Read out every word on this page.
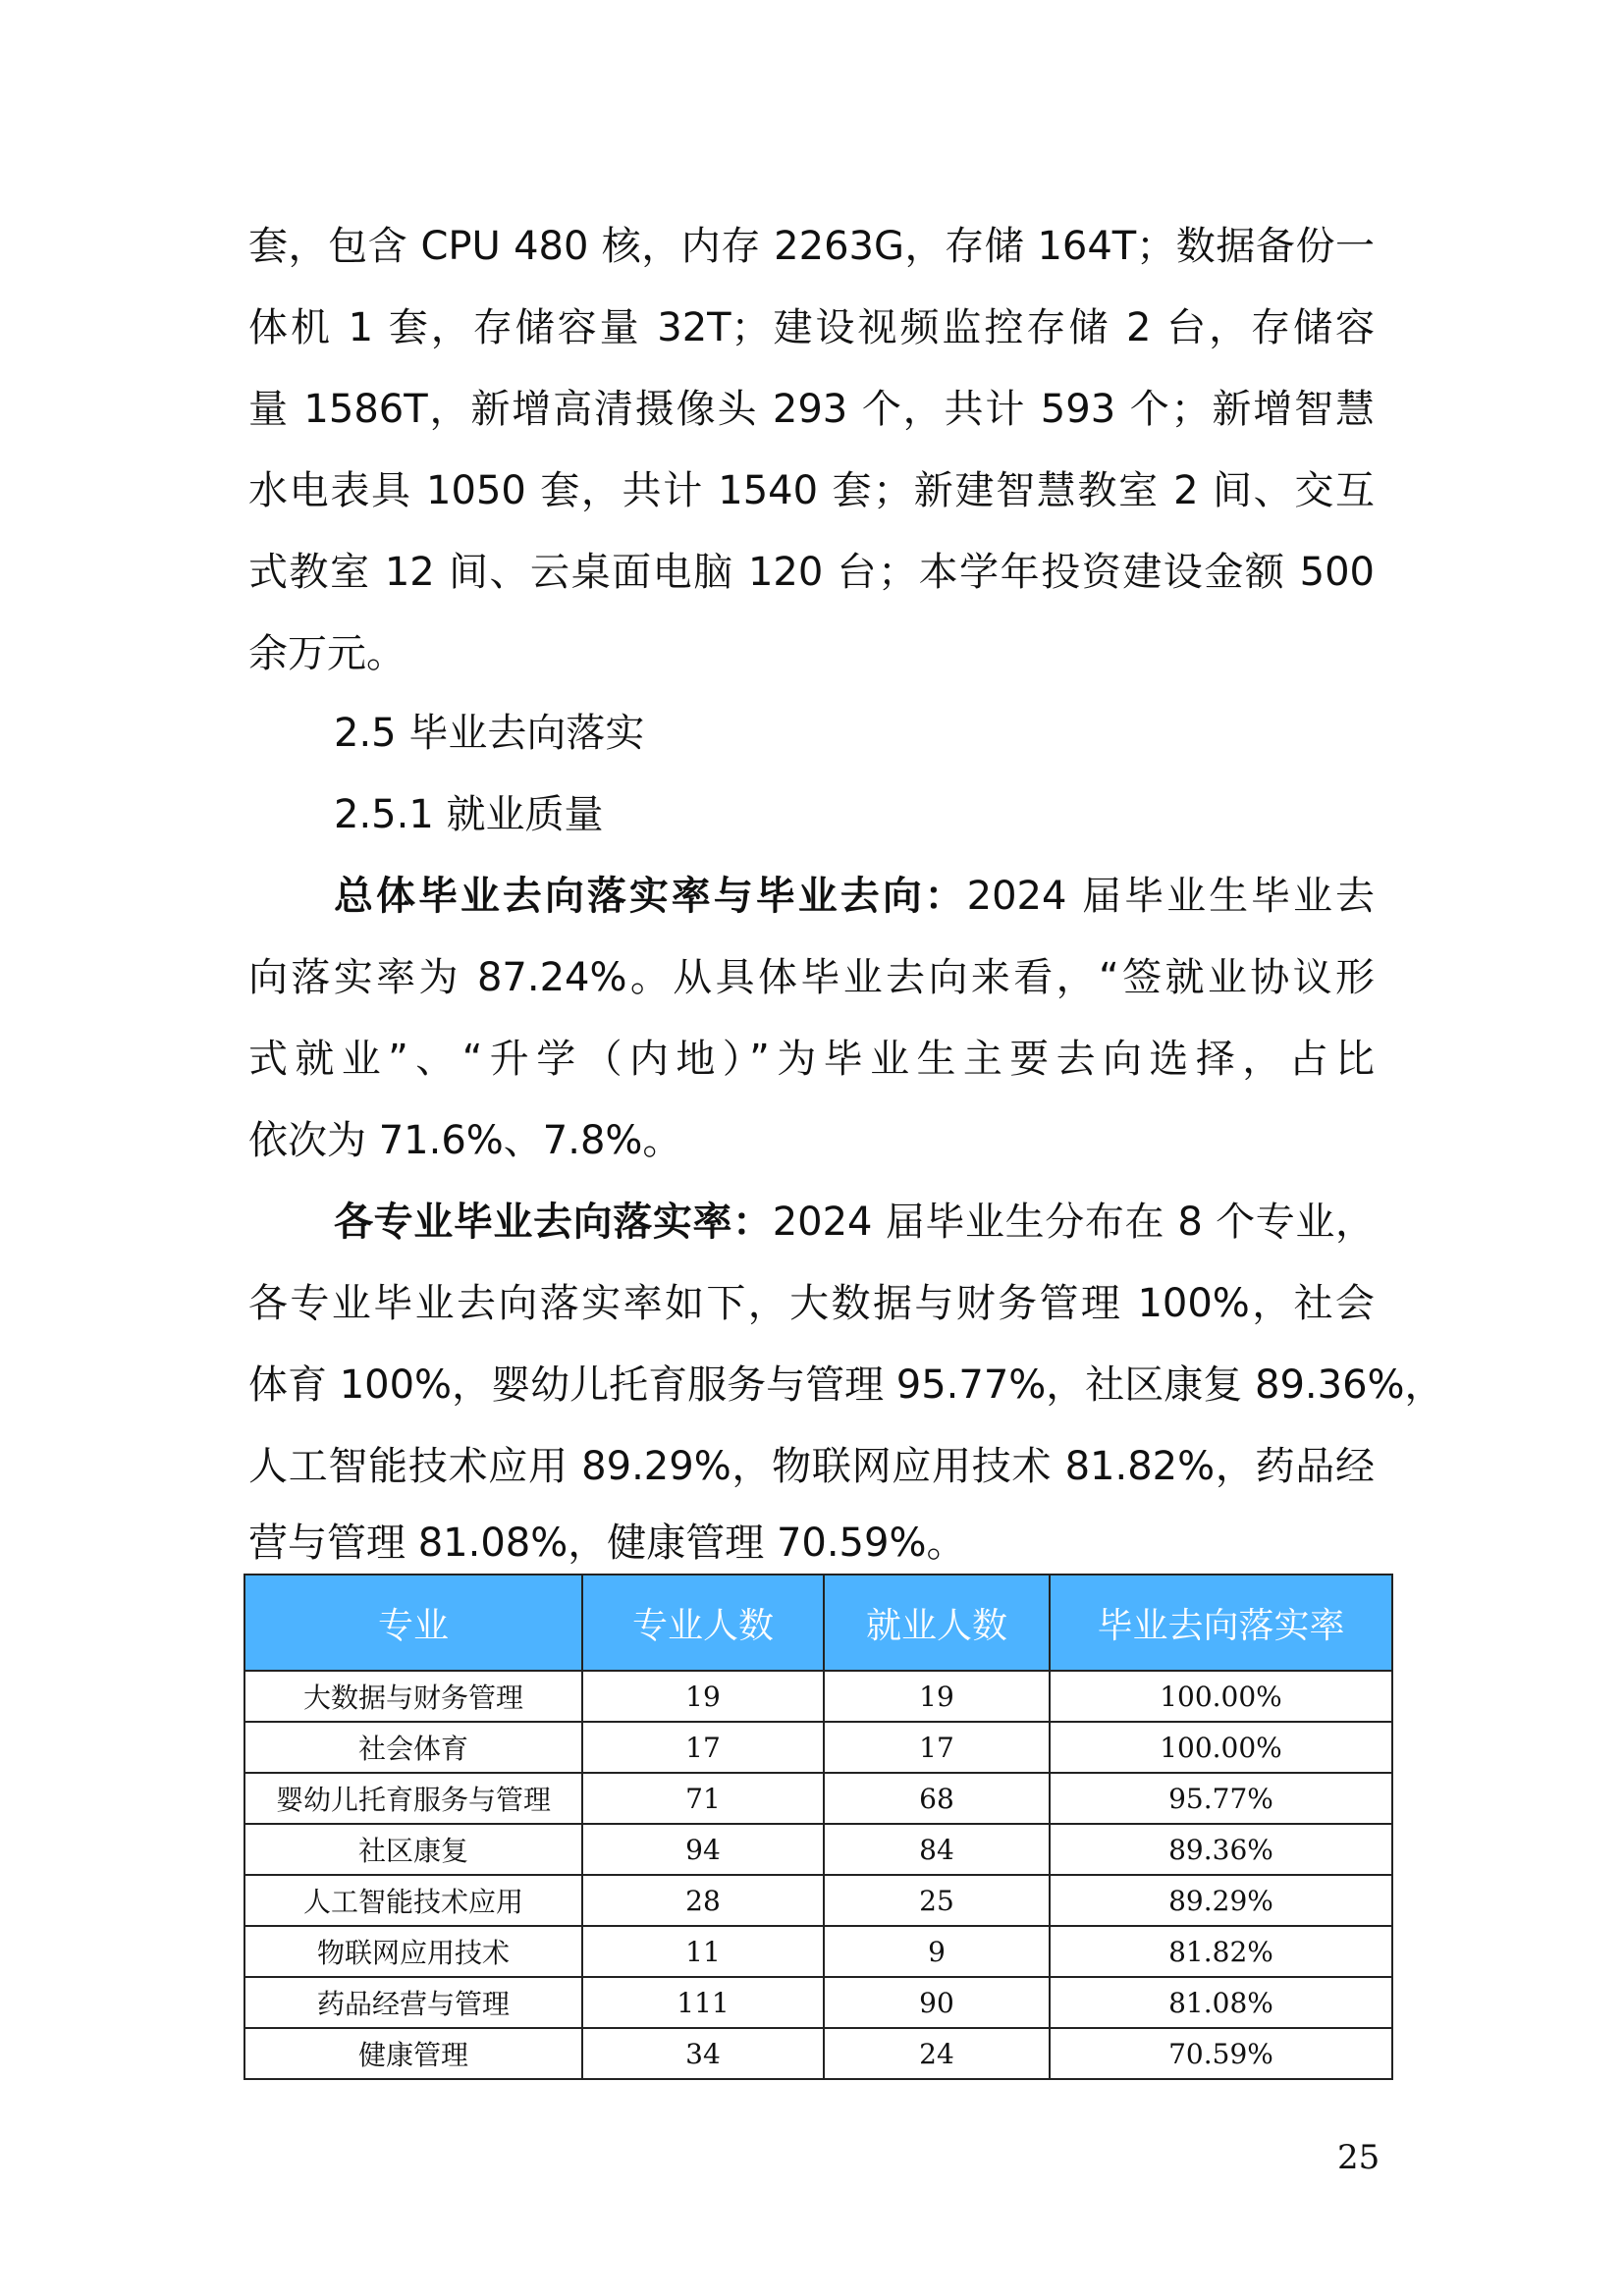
套，包含 CPU 480 核，内存 2263G，存储 164T；数据备份一
体机 1 套，存储容量 32T；建设视频监控存储 2 台，存储容
量 1586T，新增高清摄像头 293 个，共计 593 个；新增智慧
水电表具 1050 套，共计 1540 套；新建智慧教室 2 间、交互
式教室 12 间、云桌面电脑 120 台；本学年投资建设金额 500
余万元。
2.5 毕业去向落实
2.5.1 就业质量
总体毕业去向落实率与毕业去向：2024 届毕业生毕业去
向落实率为 87.24%。从具体毕业去向来看，“签就业协议形
式就业”、“升学（内地）”为毕业生主要去向选择，占比
依次为 71.6%、7.8%。
各专业毕业去向落实率：2024 届毕业生分布在 8 个专业，
各专业毕业去向落实率如下，大数据与财务管理 100%，社会
体育 100%，婴幼儿托育服务与管理 95.77%，社区康复 89.36%，
人工智能技术应用 89.29%，物联网应用技术 81.82%，药品经
营与管理 81.08%，健康管理 70.59%。
专业	专业人数	就业人数	毕业去向落实率
大数据与财务管理	19	19	100.00%
社会体育	17	17	100.00%
婴幼儿托育服务与管理	71	68	95.77%
社区康复	94	84	89.36%
人工智能技术应用	28	25	89.29%
物联网应用技术	11	9	81.82%
药品经营与管理	111	90	81.08%
健康管理	34	24	70.59%
25
